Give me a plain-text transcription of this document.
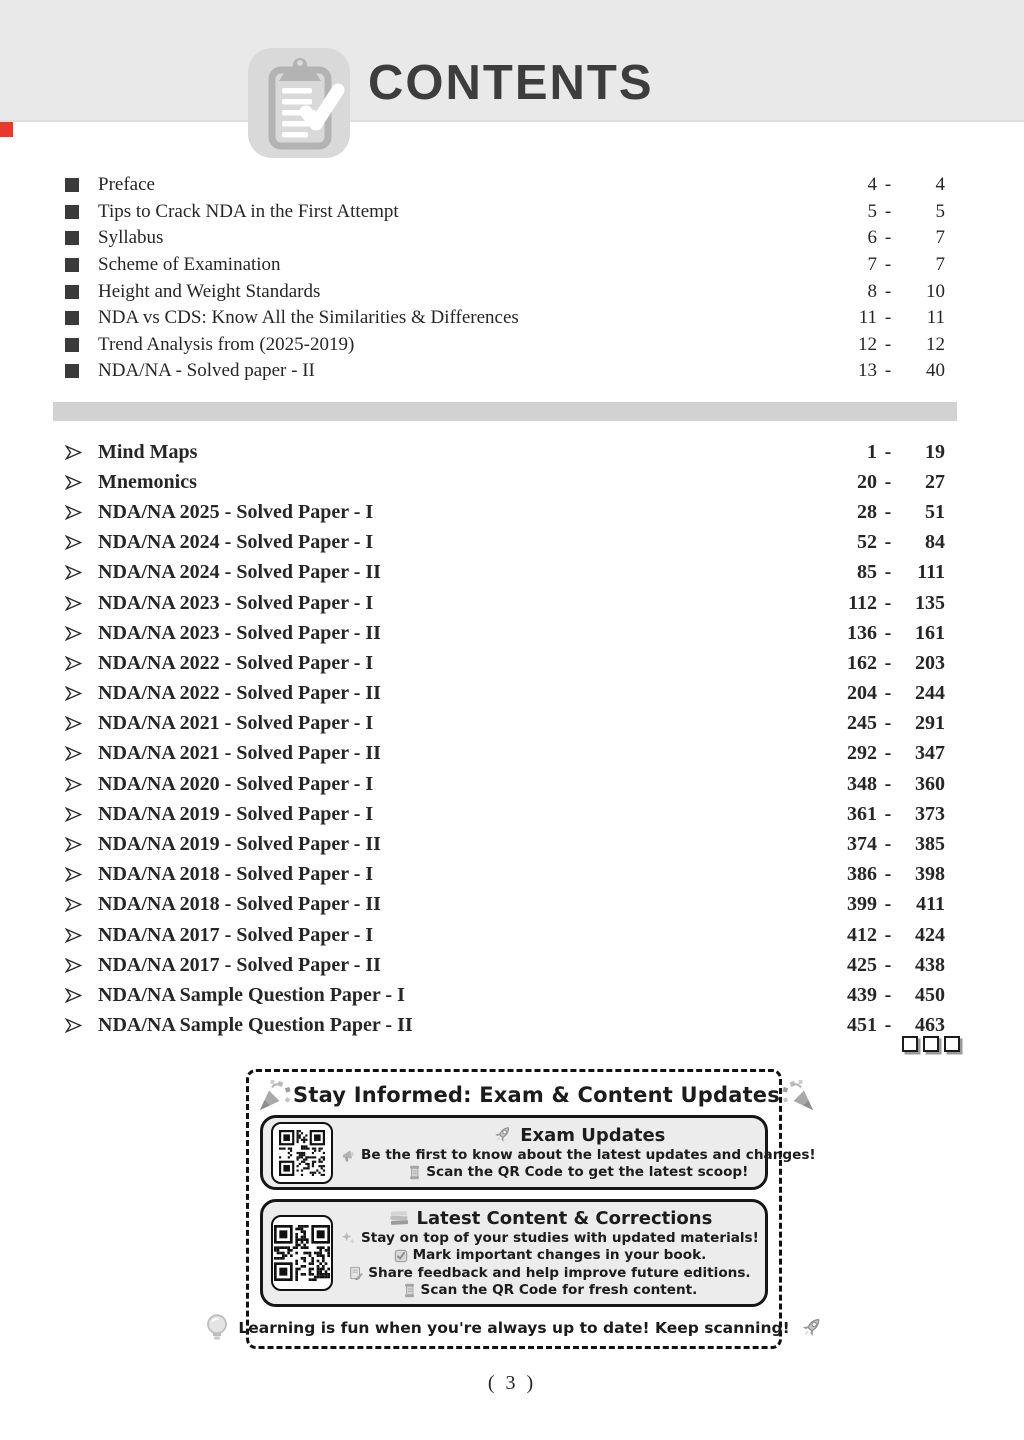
CONTENTS
Preface	4 -	4
Tips to Crack NDA in the First Attempt	5 -	5
Syllabus	6 -	7
Scheme of Examination	7 -	7
Height and Weight Standards	8 -	10
NDA vs CDS: Know All the Similarities & Differences	11 -	11
Trend Analysis from (2025-2019)	12 -	12
NDA/NA - Solved paper - II	13 -	40
Mind Maps	1 -	19
Mnemonics	20 -	27
NDA/NA 2025 - Solved Paper - I	28 -	51
NDA/NA 2024 - Solved Paper - I	52 -	84
NDA/NA 2024 - Solved Paper - II	85 -	111
NDA/NA 2023 - Solved Paper - I	112 -	135
NDA/NA 2023 - Solved Paper - II	136 -	161
NDA/NA 2022 - Solved Paper - I	162 -	203
NDA/NA 2022 - Solved Paper - II	204 -	244
NDA/NA 2021 - Solved Paper - I	245 -	291
NDA/NA 2021 - Solved Paper - II	292 -	347
NDA/NA 2020 - Solved Paper - I	348 -	360
NDA/NA 2019 - Solved Paper - I	361 -	373
NDA/NA 2019 - Solved Paper - II	374 -	385
NDA/NA 2018 - Solved Paper - I	386 -	398
NDA/NA 2018 - Solved Paper - II	399 -	411
NDA/NA 2017 - Solved Paper - I	412 -	424
NDA/NA 2017 - Solved Paper - II	425 -	438
NDA/NA Sample Question Paper - I	439 -	450
NDA/NA Sample Question Paper - II	451 -	463
Stay Informed: Exam & Content Updates
Exam Updates
Be the first to know about the latest updates and changes!
Scan the QR Code to get the latest scoop!
Latest Content & Corrections
Stay on top of your studies with updated materials!
Mark important changes in your book.
Share feedback and help improve future editions.
Scan the QR Code for fresh content.
Learning is fun when you're always up to date! Keep scanning!
( 3 )
